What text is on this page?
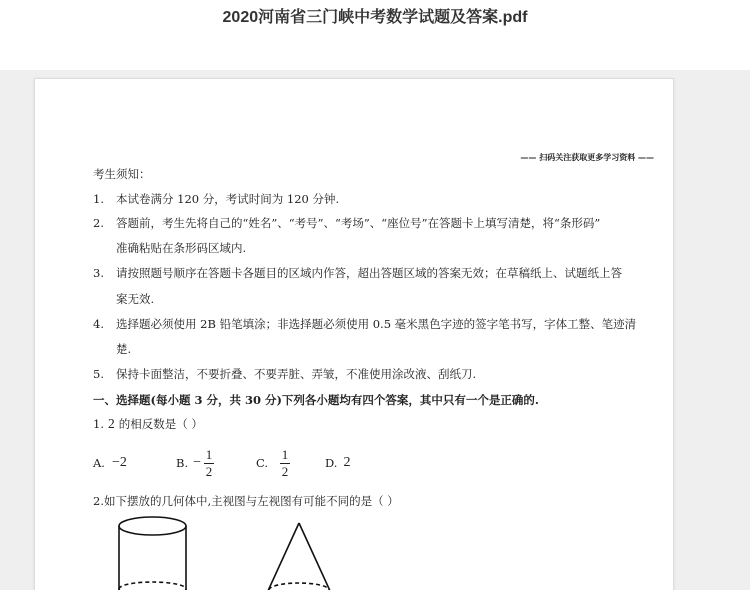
2020河南省三门峡中考数学试题及答案.pdf
—— 扫码关注获取更多学习资料 ——
考生须知：
1. 本试卷满分 120 分，考试时间为 120 分钟.
2. 答题前，考生先将自己的“姓名”、“考号”、“考场”、“座位号”在答题卡上填写清楚，将“条形码”
准确粘贴在条形码区域内.
3. 请按照题号顺序在答题卡各题目的区域内作答，超出答题区域的答案无效；在草稿纸上、试题纸上答
案无效.
4. 选择题必须使用 2B 铅笔填涂；非选择题必须使用 0.5 毫米黑色字迹的签字笔书写，字体工整、笔迹清
楚.
5. 保持卡面整洁，不要折叠、不要弄脏、弄皱，不准使用涂改液、刮纸刀.
一、选择题(每小题 3 分，共 30 分)下列各小题均有四个答案，其中只有一个是正确的.
1. 2 的相反数是（ ）
A. −2	B. − $\frac{1}{2}$	C. $\frac{1}{2}$	D. 2
2. 如下摆放的几何体中,主视图与左视图有可能不同的是（ ）
